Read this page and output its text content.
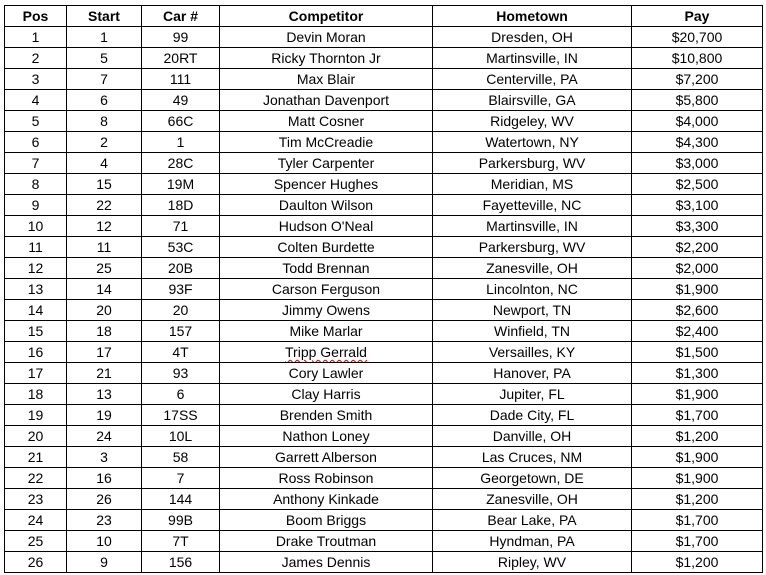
Pos	Start	Car #	Competitor	Hometown	Pay
1	1	99	Devin Moran	Dresden, OH	$20,700
2	5	20RT	Ricky Thornton Jr	Martinsville, IN	$10,800
3	7	111	Max Blair	Centerville, PA	$7,200
4	6	49	Jonathan Davenport	Blairsville, GA	$5,800
5	8	66C	Matt Cosner	Ridgeley, WV	$4,000
6	2	1	Tim McCreadie	Watertown, NY	$4,300
7	4	28C	Tyler Carpenter	Parkersburg, WV	$3,000
8	15	19M	Spencer Hughes	Meridian, MS	$2,500
9	22	18D	Daulton Wilson	Fayetteville, NC	$3,100
10	12	71	Hudson O'Neal	Martinsville, IN	$3,300
11	11	53C	Colten Burdette	Parkersburg, WV	$2,200
12	25	20B	Todd Brennan	Zanesville, OH	$2,000
13	14	93F	Carson Ferguson	Lincolnton, NC	$1,900
14	20	20	Jimmy Owens	Newport, TN	$2,600
15	18	157	Mike Marlar	Winfield, TN	$2,400
16	17	4T	Tripp Gerrald	Versailles, KY	$1,500
17	21	93	Cory Lawler	Hanover, PA	$1,300
18	13	6	Clay Harris	Jupiter, FL	$1,900
19	19	17SS	Brenden Smith	Dade City, FL	$1,700
20	24	10L	Nathon Loney	Danville, OH	$1,200
21	3	58	Garrett Alberson	Las Cruces, NM	$1,900
22	16	7	Ross Robinson	Georgetown, DE	$1,900
23	26	144	Anthony Kinkade	Zanesville, OH	$1,200
24	23	99B	Boom Briggs	Bear Lake, PA	$1,700
25	10	7T	Drake Troutman	Hyndman, PA	$1,700
26	9	156	James Dennis	Ripley, WV	$1,200
